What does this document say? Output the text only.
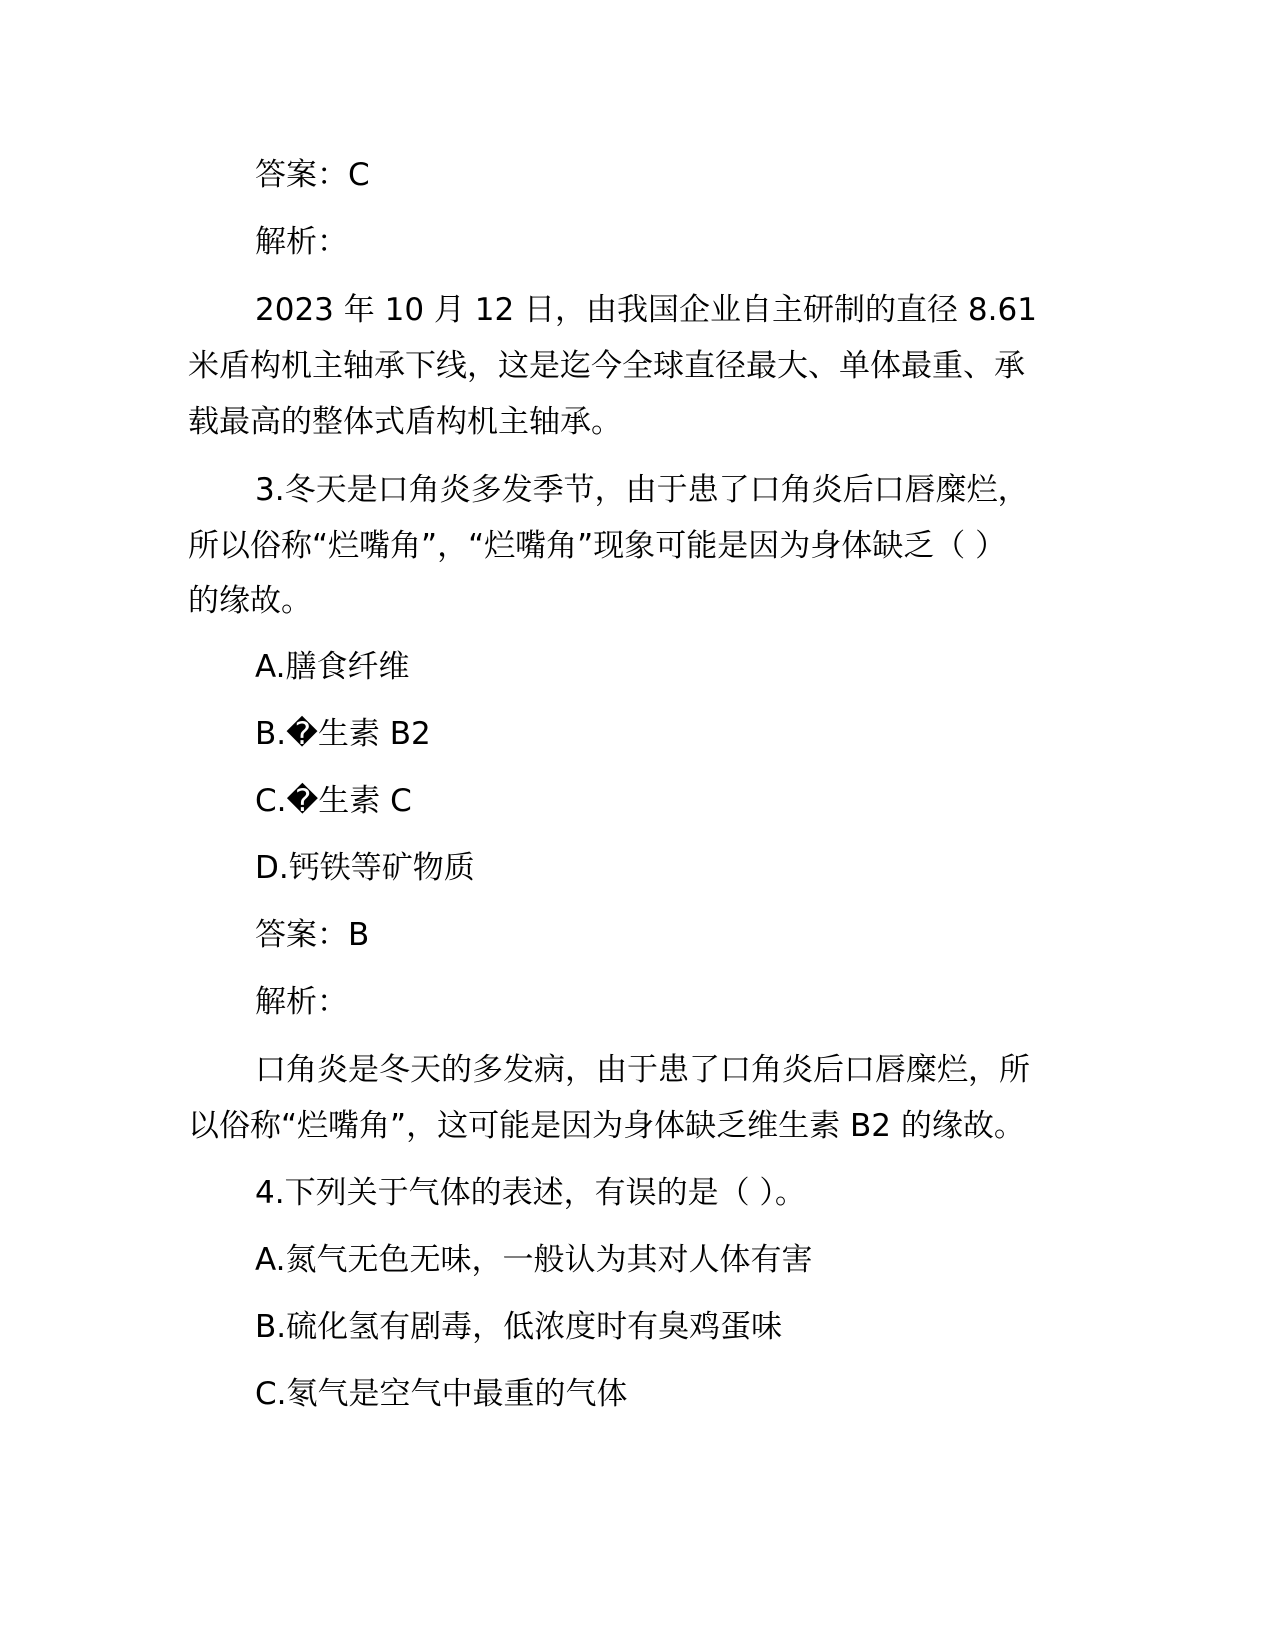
答案：C
解析：
2023 年 10 月 12 日，由我国企业自主研制的直径 8.61
米盾构机主轴承下线，这是迄今全球直径最大、单体最重、承
载最高的整体式盾构机主轴承。
3.冬天是口角炎多发季节，由于患了口角炎后口唇糜烂，
所以俗称“烂嘴角”，“烂嘴角”现象可能是因为身体缺乏（ ）
的缘故。
A.膳食纤维
B.�生素 B2
C.�生素 C
D.钙铁等矿物质
答案：B
解析：
口角炎是冬天的多发病，由于患了口角炎后口唇糜烂，所
以俗称“烂嘴角”，这可能是因为身体缺乏维生素 B2 的缘故。
4.下列关于气体的表述，有误的是（ ）。
A.氮气无色无味，一般认为其对人体有害
B.硫化氢有剧毒，低浓度时有臭鸡蛋味
C.氡气是空气中最重的气体
